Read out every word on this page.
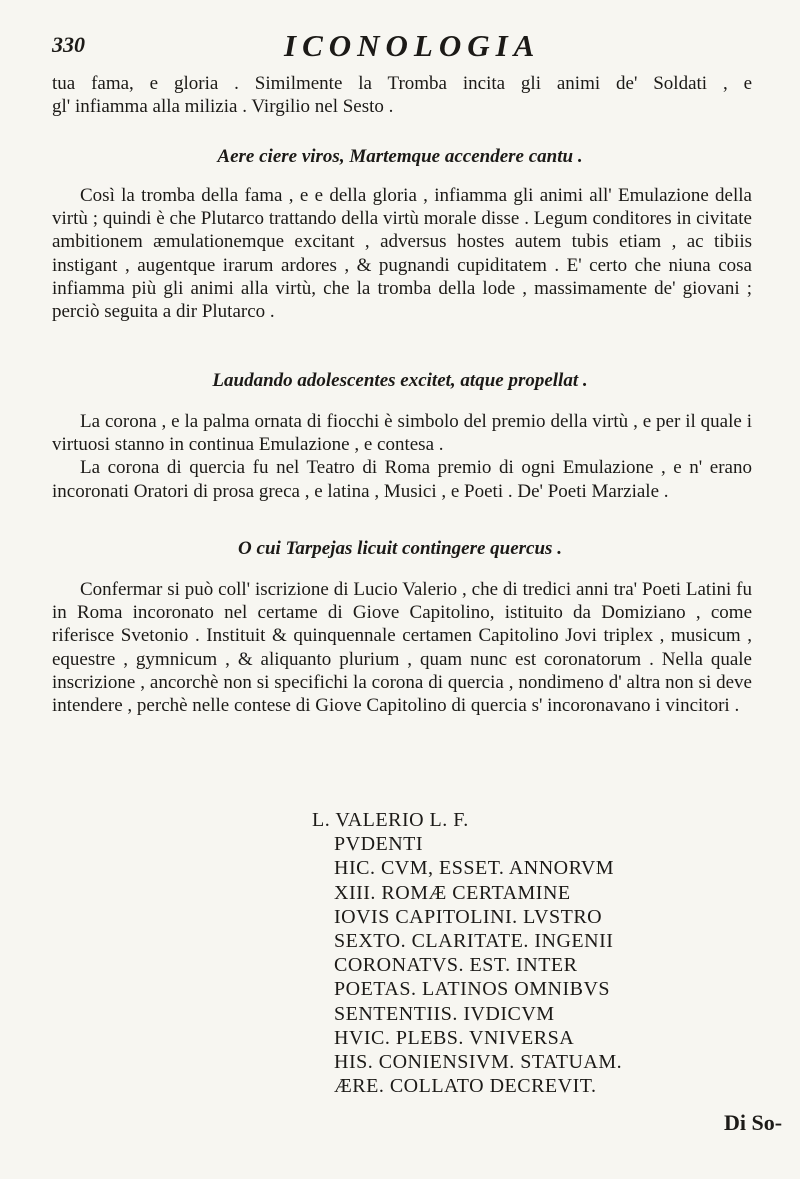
330	ICONOLOGIA

tua fama, e gloria . Similmente la Tromba incita gli animi de' Soldati , e

gl' infiamma alla milizia . Virgilio nel Sesto .

Aere ciere viros, Martemque accendere cantu .

Così la tromba della fama , e e della gloria , infiamma gli animi all' Emulazione della virtù ; quindi è che Plutarco trattando della virtù morale disse . Legum conditores in civitate ambitionem æmulationemque excitant , adversus hostes autem tubis etiam , ac tibiis instigant , augentque irarum ardores , & pugnandi cupiditatem . E' certo che niuna cosa infiamma più gli animi alla virtù, che la tromba della lode , massimamente de' giovani ; perciò seguita a dir Plutarco .

Laudando adolescentes excitet, atque propellat .

La corona , e la palma ornata di fiocchi è simbolo del premio della virtù , e per il quale i virtuosi stanno in continua Emulazione , e contesa .

La corona di quercia fu nel Teatro di Roma premio di ogni Emulazione , e n' erano incoronati Oratori di prosa greca , e latina , Musici , e Poeti . De' Poeti Marziale .

O cui Tarpejas licuit contingere quercus .

Confermar si può coll' iscrizione di Lucio Valerio , che di tredici anni tra' Poeti Latini fu in Roma incoronato nel certame di Giove Capitolino, istituito da Domiziano , come riferisce Svetonio . Instituit & quinquennale certamen Capitolino Jovi triplex , musicum , equestre , gymnicum , & aliquanto plurium , quam nunc est coronatorum . Nella quale inscrizione , ancorchè non si specifichi la corona di quercia , nondimeno d' altra non si deve intendere , perchè nelle contese di Giove Capitolino di quercia s' incoronavano i vincitori .

L. VALERIO L. F.
PVDENTI
HIC. CVM, ESSET. ANNORVM
XIII. ROMÆ CERTAMINE
IOVIS CAPITOLINI. LVSTRO
SEXTO. CLARITATE. INGENII
CORONATVS. EST. INTER
POETAS. LATINOS OMNIBVS
SENTENTIIS. IVDICVM
HVIC. PLEBS. VNIVERSA
HIS. CONIENSIVM. STATUAM.
ÆRE. COLLATO DECREVIT.
Di So-
